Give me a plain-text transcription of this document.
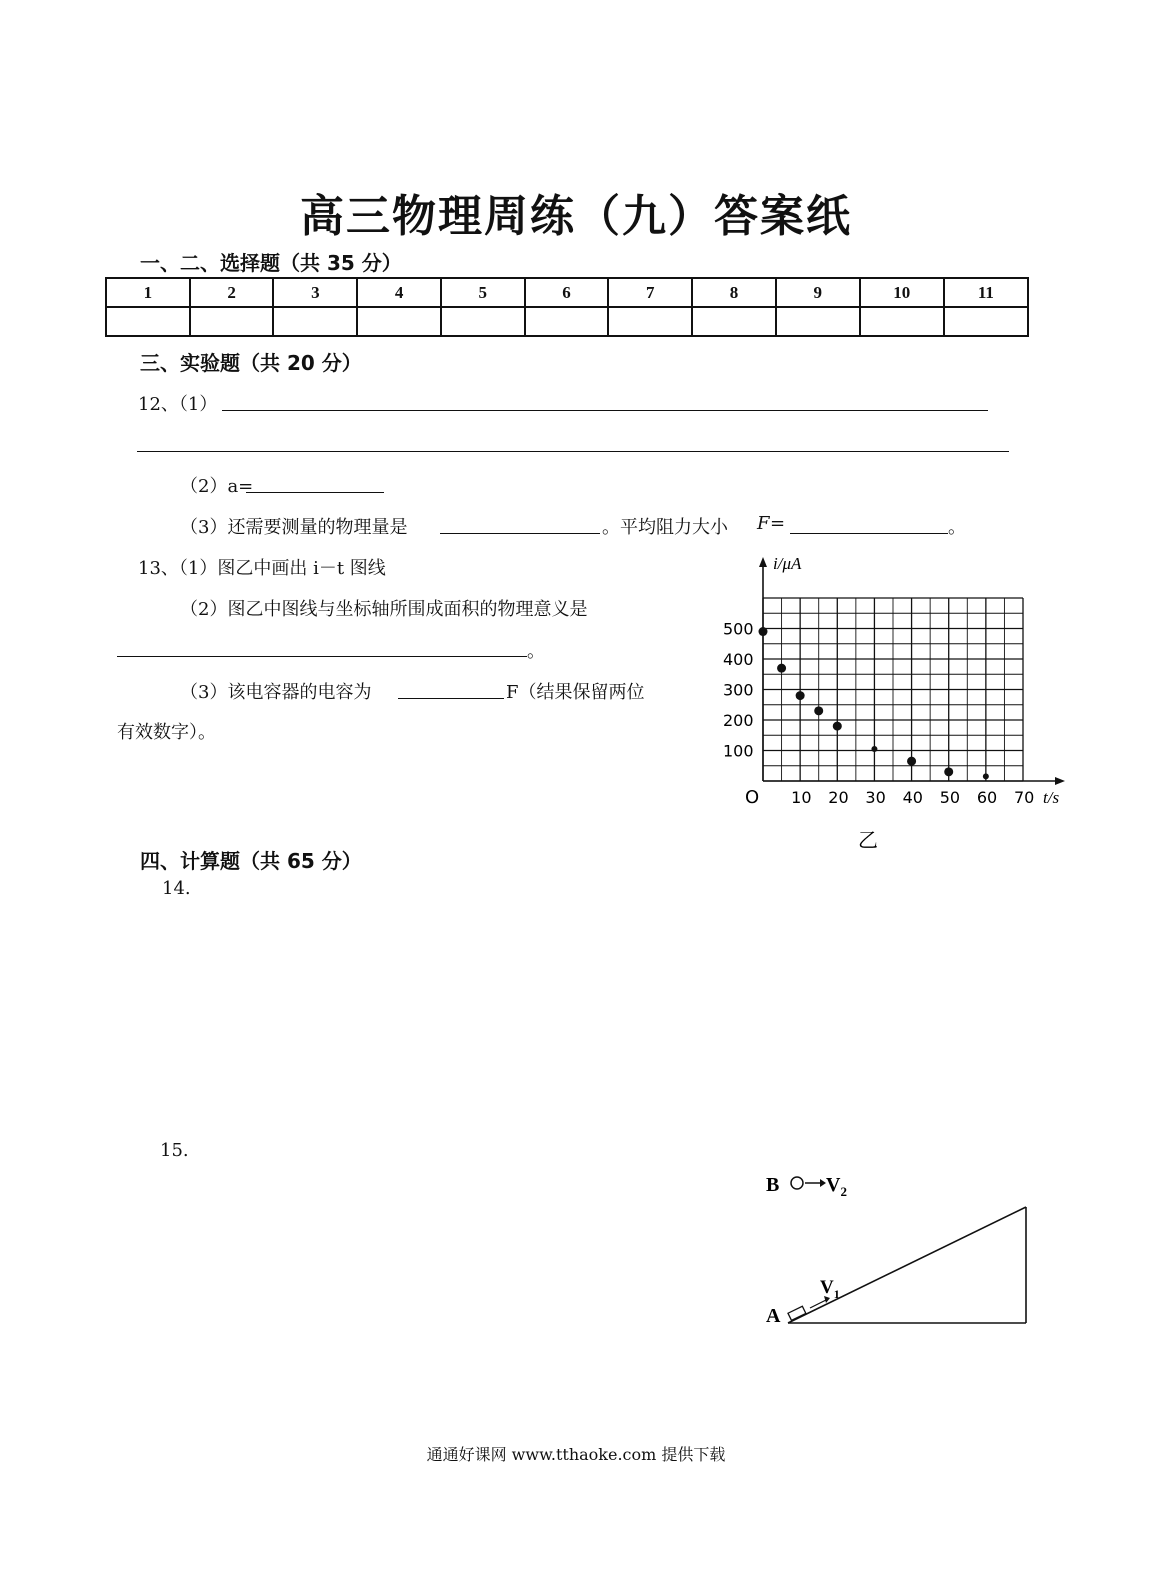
高三物理周练（九）答案纸
一、二、选择题（共 35 分）
1	2	3	4	5	6	7	8	9	10	11

三、实验题（共 20 分）
12、（1）
（2）a=
（3）还需要测量的物理量是	。平均阻力大小 F =	。
13、（1）图乙中画出 i－t 图线
（2）图乙中图线与坐标轴所围成面积的物理意义是
。
（3）该电容器的电容为	F（结果保留两位
有效数字）。
10 20 30 40 50 60 70
100
200
300
400
500
i/μA
t/s
O
乙
四、计算题（共 65 分）
14.
15.
B $V_2$
$V_1$
A
通通好课网 www.tthaoke.com 提供下载
